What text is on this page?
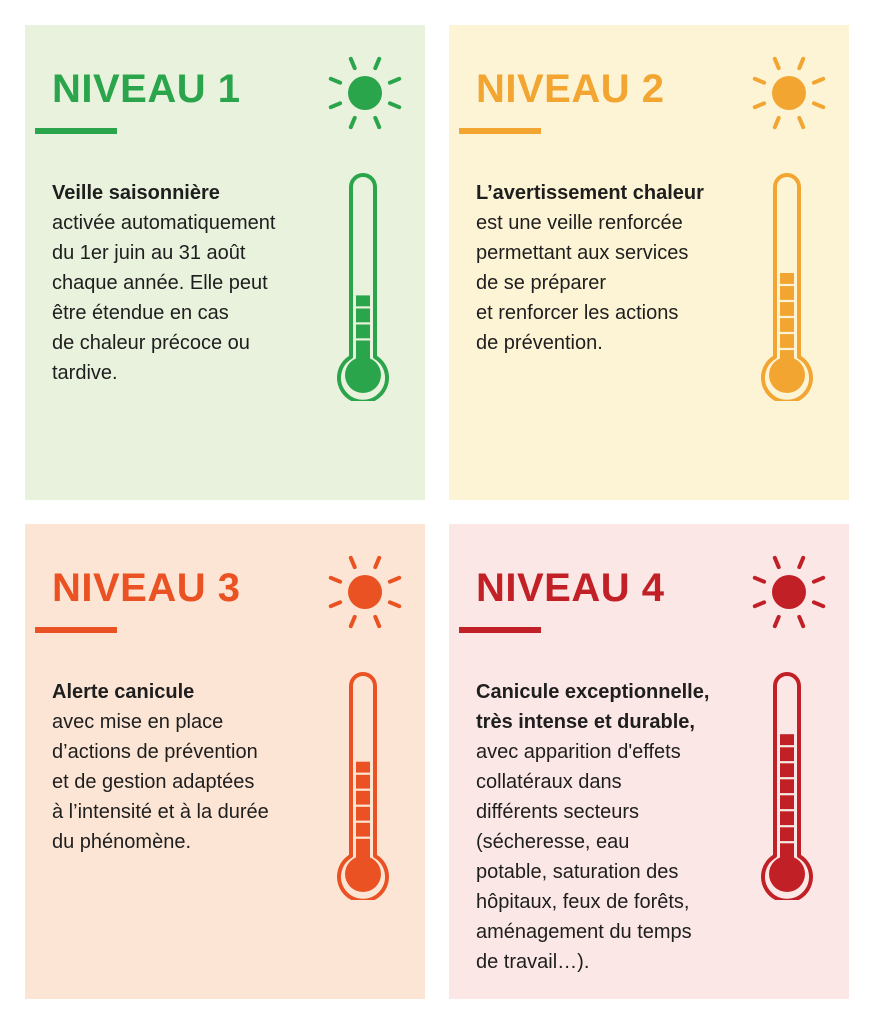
NIVEAU 1
Veille saisonnière
activée automatiquement
du 1er juin au 31 août
chaque année. Elle peut
être étendue en cas
de chaleur précoce ou
tardive.
NIVEAU 2
L’avertissement chaleur
est une veille renforcée
permettant aux services
de se préparer
et renforcer les actions
de prévention.
NIVEAU 3
Alerte canicule
avec mise en place
d’actions de prévention
et de gestion adaptées
à l’intensité et à la durée
du phénomène.
NIVEAU 4
Canicule exceptionnelle,
très intense et durable,
avec apparition d'effets
collatéraux dans
différents secteurs
(sécheresse, eau
potable, saturation des
hôpitaux, feux de forêts,
aménagement du temps
de travail…).
